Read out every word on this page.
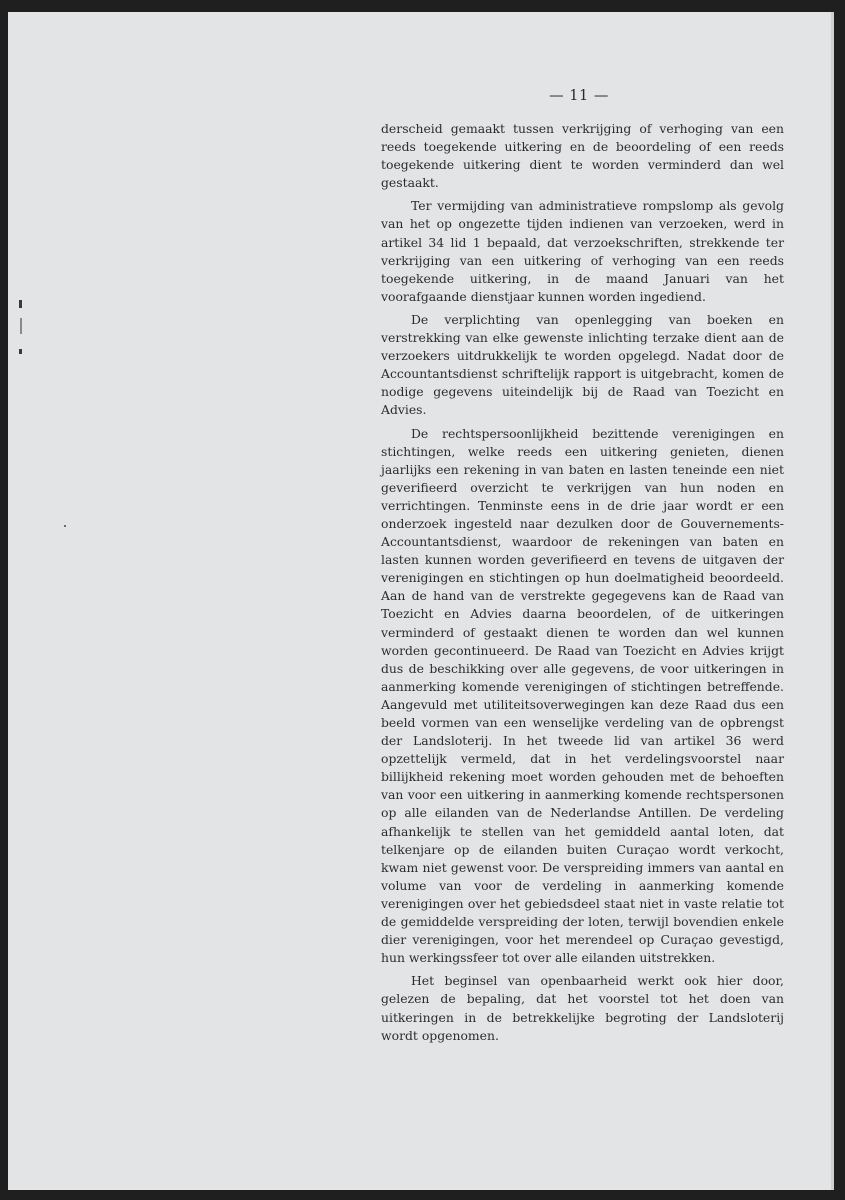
— 11 —

derscheid gemaakt tussen verkrijging of verhoging van een reeds toegekende uitkering en de beoordeling of een reeds toegekende uitkering dient te worden verminderd dan wel gestaakt.

Ter vermijding van administratieve rompslomp als gevolg van het op ongezette tijden indienen van verzoeken, werd in artikel 34 lid 1 bepaald, dat verzoekschriften, strekkende ter verkrijging van een uitkering of verhoging van een reeds toegekende uitkering, in de maand Januari van het voorafgaande dienstjaar kunnen worden ingediend.

De verplichting van openlegging van boeken en verstrekking van elke gewenste inlichting terzake dient aan de verzoekers uitdrukkelijk te worden opgelegd. Nadat door de Accountantsdienst schriftelijk rapport is uitgebracht, komen de nodige gegevens uiteindelijk bij de Raad van Toezicht en Advies.

De rechtspersoonlijkheid bezittende verenigingen en stichtingen, welke reeds een uitkering genieten, dienen jaarlijks een rekening in van baten en lasten teneinde een niet geverifieerd overzicht te verkrijgen van hun noden en verrichtingen. Tenminste eens in de drie jaar wordt er een onderzoek ingesteld naar dezulken door de Gouvernements-Accountantsdienst, waardoor de rekeningen van baten en lasten kunnen worden geverifieerd en tevens de uitgaven der verenigingen en stichtingen op hun doelmatigheid beoordeeld. Aan de hand van de verstrekte gegegevens kan de Raad van Toezicht en Advies daarna beoordelen, of de uitkeringen verminderd of gestaakt dienen te worden dan wel kunnen worden gecontinueerd. De Raad van Toezicht en Advies krijgt dus de beschikking over alle gegevens, de voor uitkeringen in aanmerking komende verenigingen of stichtingen betreffende. Aangevuld met utiliteitsoverwegingen kan deze Raad dus een beeld vormen van een wenselijke verdeling van de opbrengst der Landsloterij. In het tweede lid van artikel 36 werd opzettelijk vermeld, dat in het verdelingsvoorstel naar billijkheid rekening moet worden gehouden met de behoeften van voor een uitkering in aanmerking komende rechtspersonen op alle eilanden van de Nederlandse Antillen. De verdeling afhankelijk te stellen van het gemiddeld aantal loten, dat telkenjare op de eilanden buiten Curaçao wordt verkocht, kwam niet gewenst voor. De verspreiding immers van aantal en volume van voor de verdeling in aanmerking komende verenigingen over het gebiedsdeel staat niet in vaste relatie tot de gemiddelde verspreiding der loten, terwijl bovendien enkele dier verenigingen, voor het merendeel op Curaçao gevestigd, hun werkingssfeer tot over alle eilanden uitstrekken.

Het beginsel van openbaarheid werkt ook hier door, gelezen de bepaling, dat het voorstel tot het doen van uitkeringen in de betrekkelijke begroting der Landsloterij wordt opgenomen.
